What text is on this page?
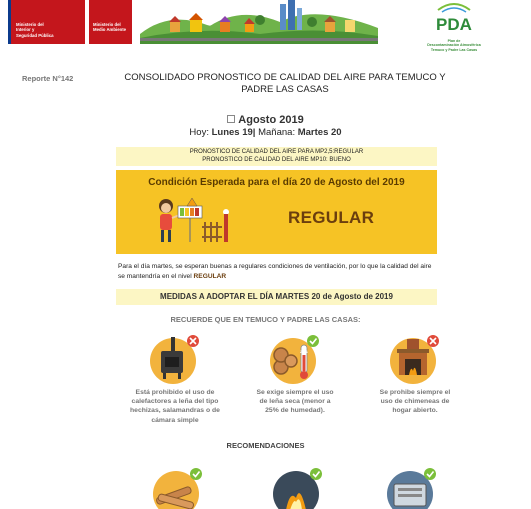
Ministerio del
Interior y
Seguridad Pública
Ministerio del
Medio Ambiente	PDA
Plan de
Descontaminación Atmosférica
Temuco y Padre Las Casas
Reporte N°142	CONSOLIDADO PRONOSTICO DE CALIDAD DEL AIRE PARA TEMUCO Y
PADRE LAS CASAS
Agosto 2019
Hoy: Lunes 19| Mañana: Martes 20
PRONOSTICO DE CALIDAD DEL AIRE PARA MP2,5:REGULAR
PRONOSTICO DE CALIDAD DEL AIRE MP10: BUENO
Condición Esperada para el día 20 de Agosto del 2019
REGULAR
Para el día martes, se esperan buenas a regulares condiciones de ventilación, por lo que la calidad del aire se mantendría en el nivel REGULAR
MEDIDAS A ADOPTAR EL DÍA MARTES 20 de Agosto de 2019
RECUERDE QUE EN TEMUCO Y PADRE LAS CASAS:
Está prohibido el uso de
calefactores a leña del tipo
hechizas, salamandras o de
cámara simple
25%
Se exige siempre el uso
de leña seca (menor a
25% de humedad).
Se prohibe siempre el
uso de chimeneas de
hogar abierto.
RECOMENDACIONES
